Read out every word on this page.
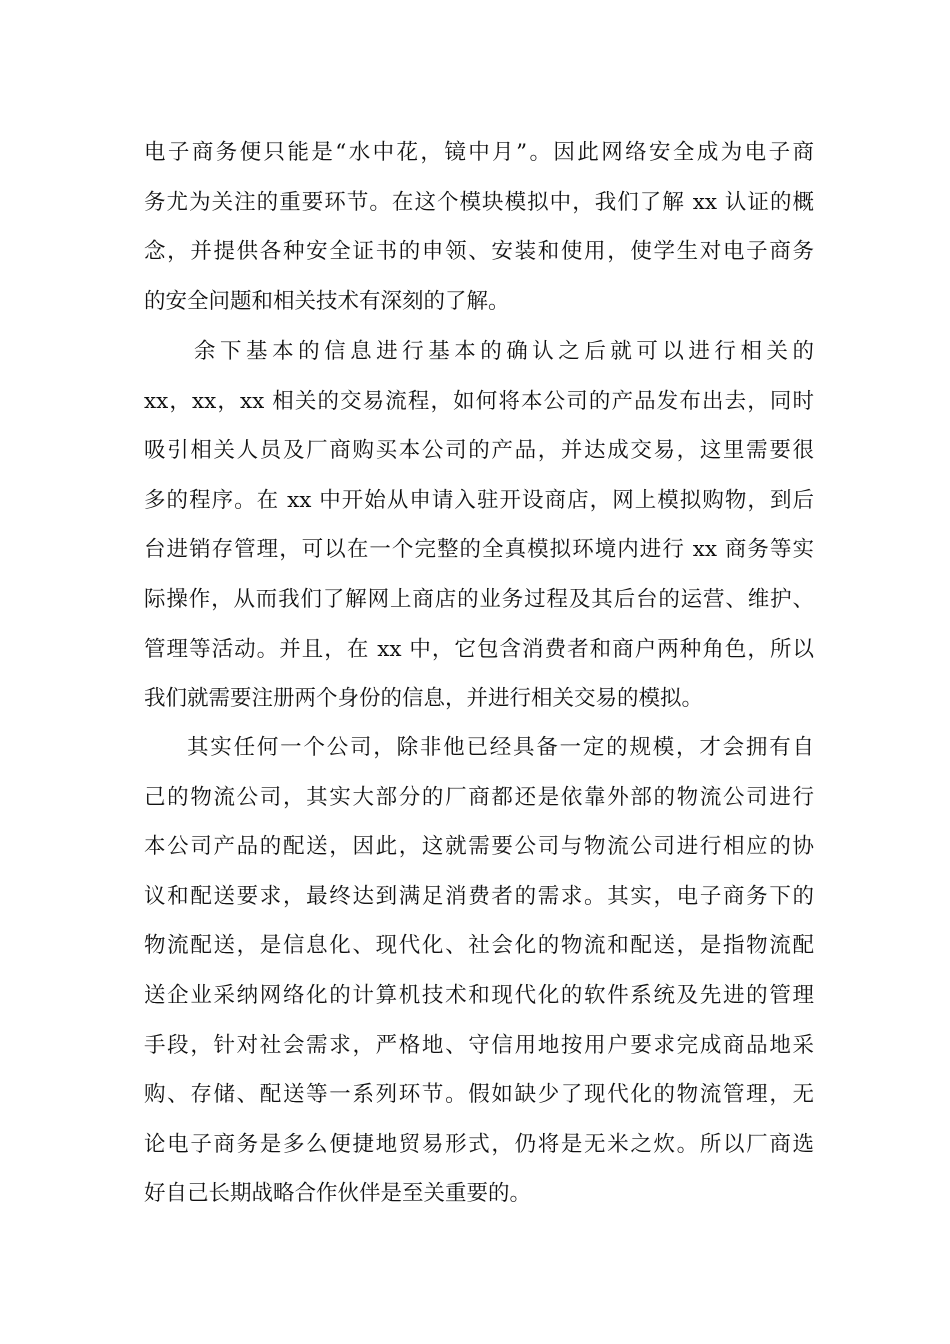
电子商务便只能是“水中花，镜中月”。因此网络安全成为电子商
务尤为关注的重要环节。在这个模块模拟中，我们了解 xx 认证的概
念，并提供各种安全证书的申领、安装和使用，使学生对电子商务
的安全问题和相关技术有深刻的了解。
余下基本的信息进行基本的确认之后就可以进行相关的
xx，xx，xx 相关的交易流程，如何将本公司的产品发布出去，同时
吸引相关人员及厂商购买本公司的产品，并达成交易，这里需要很
多的程序。在 xx 中开始从申请入驻开设商店，网上模拟购物，到后
台进销存管理，可以在一个完整的全真模拟环境内进行 xx 商务等实
际操作，从而我们了解网上商店的业务过程及其后台的运营、维护、
管理等活动。并且，在 xx 中，它包含消费者和商户两种角色，所以
我们就需要注册两个身份的信息，并进行相关交易的模拟。
其实任何一个公司，除非他已经具备一定的规模，才会拥有自
己的物流公司，其实大部分的厂商都还是依靠外部的物流公司进行
本公司产品的配送，因此，这就需要公司与物流公司进行相应的协
议和配送要求，最终达到满足消费者的需求。其实，电子商务下的
物流配送，是信息化、现代化、社会化的物流和配送，是指物流配
送企业采纳网络化的计算机技术和现代化的软件系统及先进的管理
手段，针对社会需求，严格地、守信用地按用户要求完成商品地采
购、存储、配送等一系列环节。假如缺少了现代化的物流管理，无
论电子商务是多么便捷地贸易形式，仍将是无米之炊。所以厂商选
好自己长期战略合作伙伴是至关重要的。
